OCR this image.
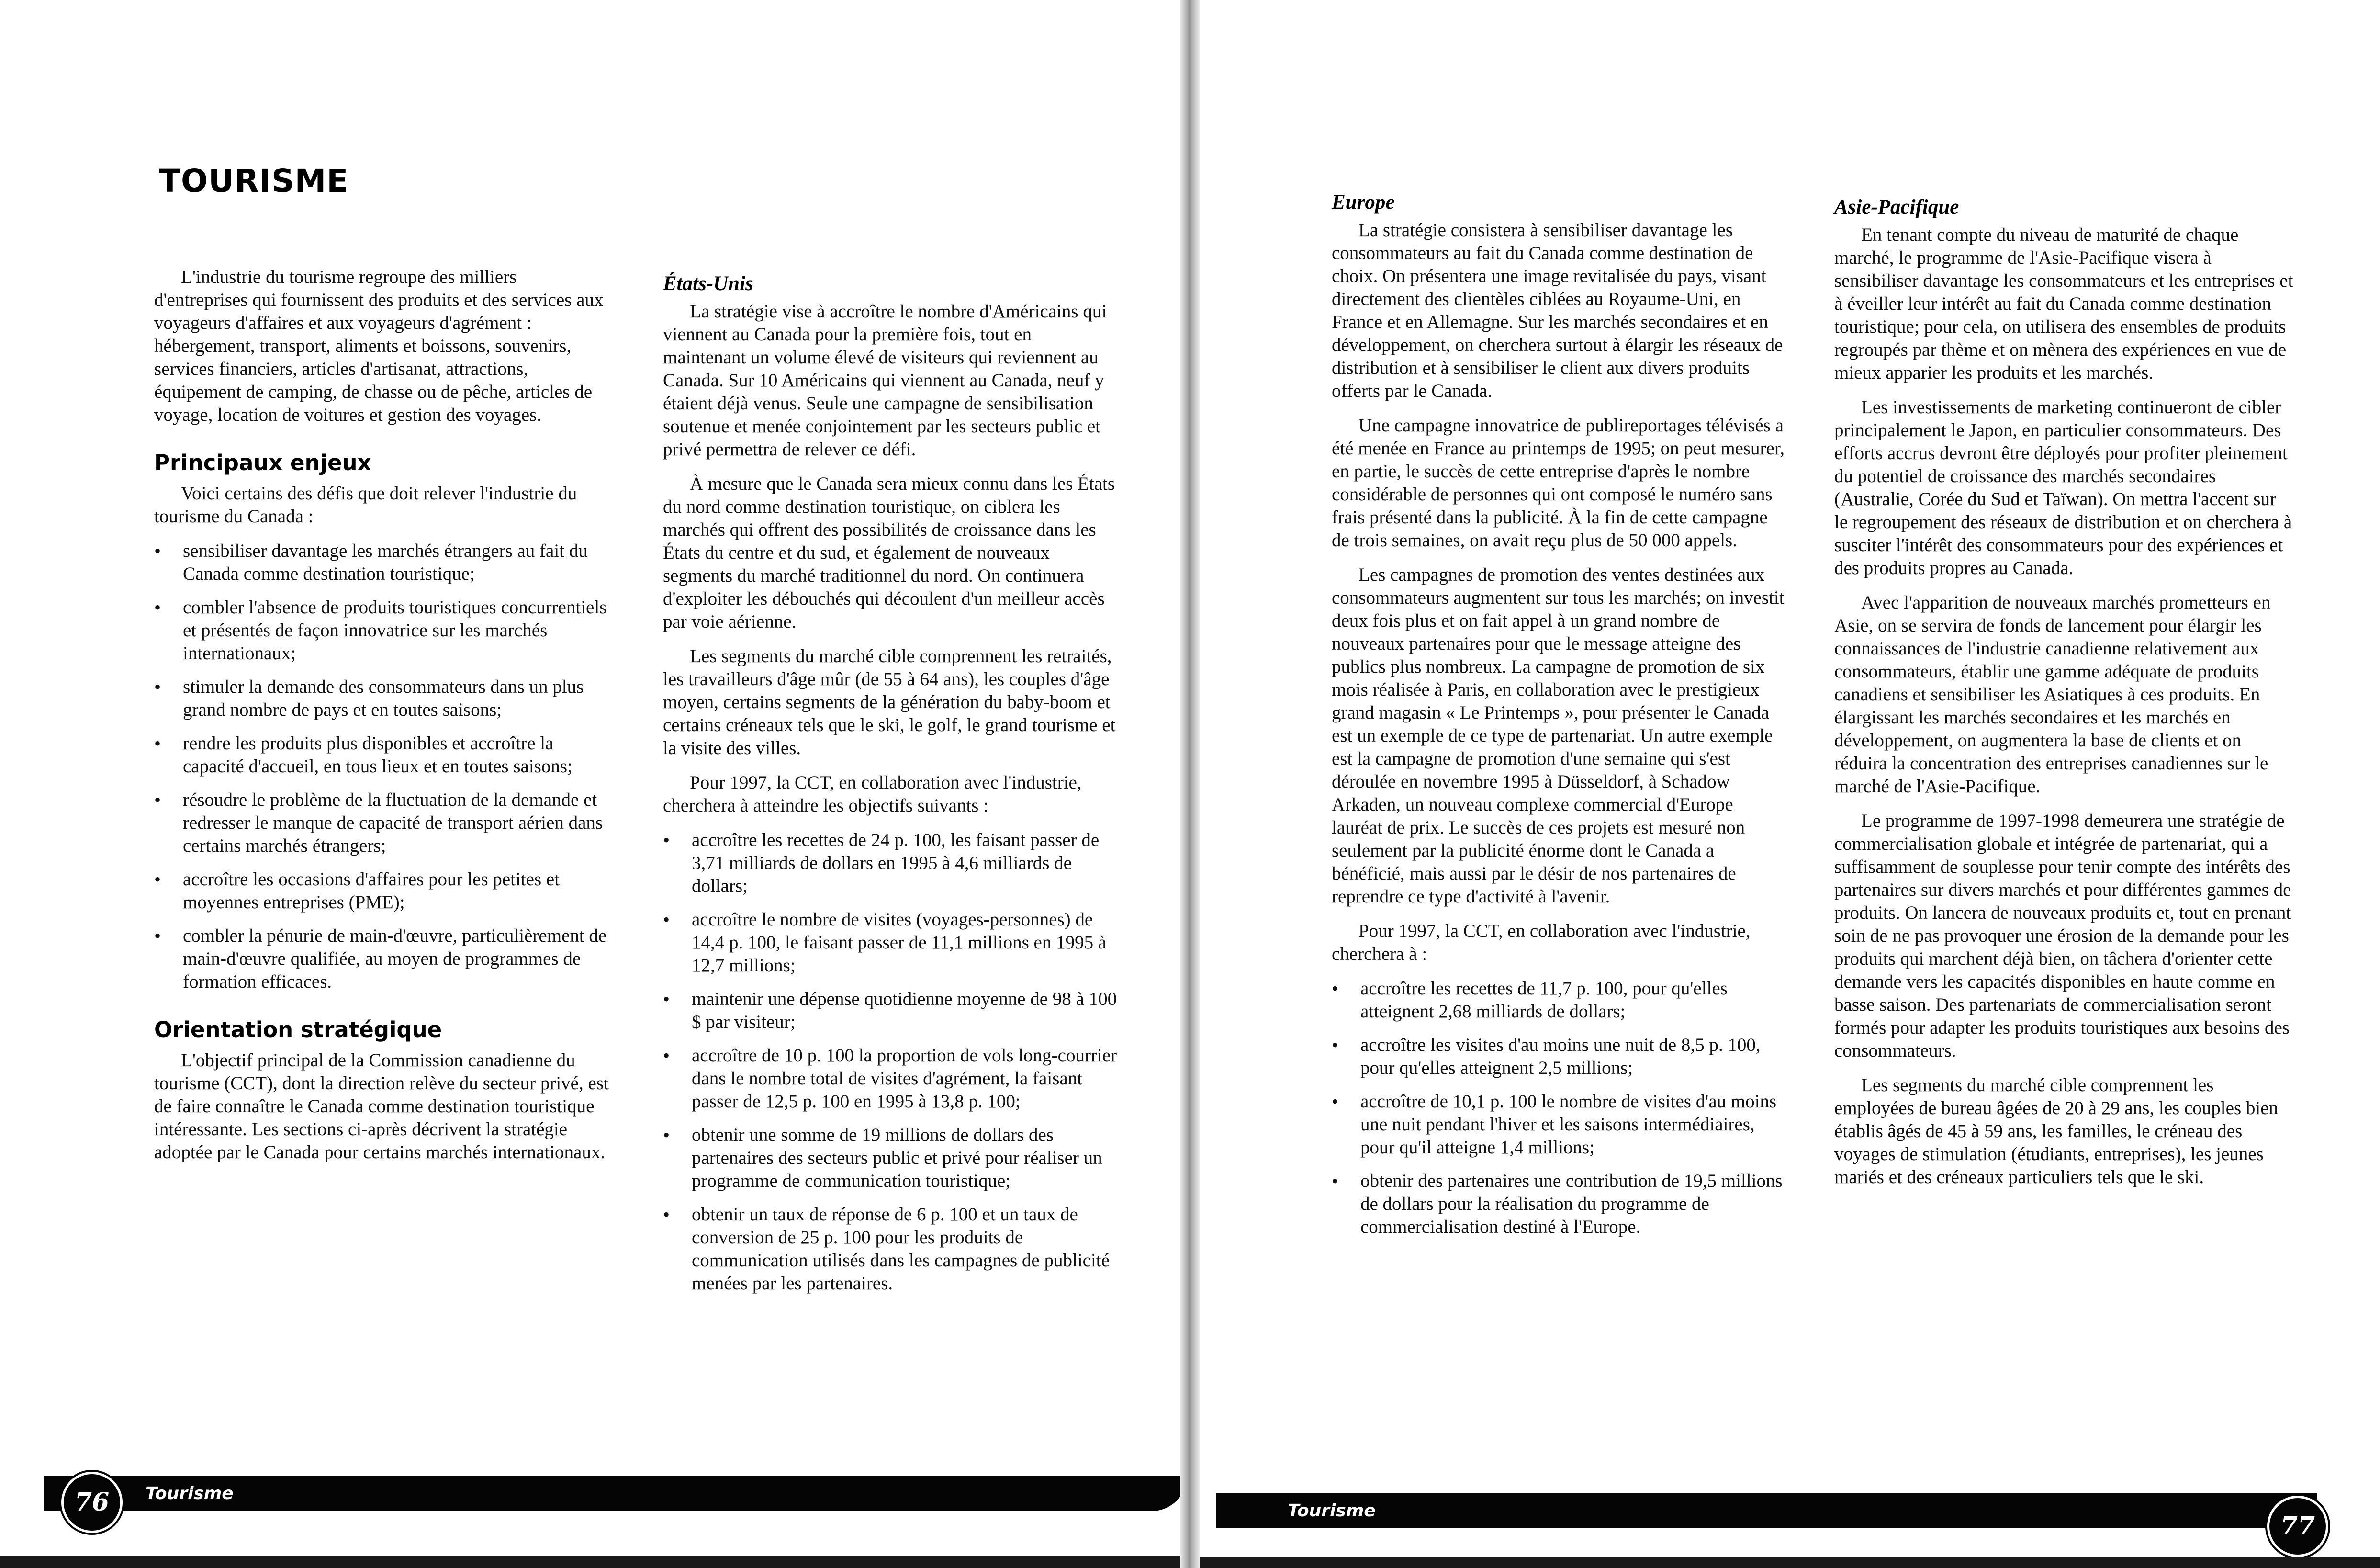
TOURISME

L'industrie du tourisme regroupe des milliers d'entreprises qui fournissent des produits et des services aux voyageurs d'affaires et aux voyageurs d'agrément : hébergement, transport, aliments et boissons, souvenirs, services financiers, articles d'artisanat, attractions, équipement de camping, de chasse ou de pêche, articles de voyage, location de voitures et gestion des voyages.

Principaux enjeux

Voici certains des défis que doit relever l'industrie du tourisme du Canada :

• sensibiliser davantage les marchés étrangers au fait du Canada comme destination touristique;
• combler l'absence de produits touristiques concurrentiels et présentés de façon innovatrice sur les marchés internationaux;
• stimuler la demande des consommateurs dans un plus grand nombre de pays et en toutes saisons;
• rendre les produits plus disponibles et accroître la capacité d'accueil, en tous lieux et en toutes saisons;
• résoudre le problème de la fluctuation de la demande et redresser le manque de capacité de transport aérien dans certains marchés étrangers;
• accroître les occasions d'affaires pour les petites et moyennes entreprises (PME);
• combler la pénurie de main-d'œuvre, particulièrement de main-d'œuvre qualifiée, au moyen de programmes de formation efficaces.
Orientation stratégique

L'objectif principal de la Commission canadienne du tourisme (CCT), dont la direction relève du secteur privé, est de faire connaître le Canada comme destination touristique intéressante. Les sections ci-après décrivent la stratégie adoptée par le Canada pour certains marchés internationaux.

États-Unis

La stratégie vise à accroître le nombre d'Américains qui viennent au Canada pour la première fois, tout en maintenant un volume élevé de visiteurs qui reviennent au Canada. Sur 10 Américains qui viennent au Canada, neuf y étaient déjà venus. Seule une campagne de sensibilisation soutenue et menée conjointement par les secteurs public et privé permettra de relever ce défi.

À mesure que le Canada sera mieux connu dans les États du nord comme destination touristique, on ciblera les marchés qui offrent des possibilités de croissance dans les États du centre et du sud, et également de nouveaux segments du marché traditionnel du nord. On continuera d'exploiter les débouchés qui découlent d'un meilleur accès par voie aérienne.

Les segments du marché cible comprennent les retraités, les travailleurs d'âge mûr (de 55 à 64 ans), les couples d'âge moyen, certains segments de la génération du baby-boom et certains créneaux tels que le ski, le golf, le grand tourisme et la visite des villes.

Pour 1997, la CCT, en collaboration avec l'industrie, cherchera à atteindre les objectifs suivants :

• accroître les recettes de 24 p. 100, les faisant passer de 3,71 milliards de dollars en 1995 à 4,6 milliards de dollars;
• accroître le nombre de visites (voyages-personnes) de 14,4 p. 100, le faisant passer de 11,1 millions en 1995 à 12,7 millions;
• maintenir une dépense quotidienne moyenne de 98 à 100 $ par visiteur;
• accroître de 10 p. 100 la proportion de vols long-courrier dans le nombre total de visites d'agrément, la faisant passer de 12,5 p. 100 en 1995 à 13,8 p. 100;
• obtenir une somme de 19 millions de dollars des partenaires des secteurs public et privé pour réaliser un programme de communication touristique;
• obtenir un taux de réponse de 6 p. 100 et un taux de conversion de 25 p. 100 pour les produits de communication utilisés dans les campagnes de publicité menées par les partenaires.
Tourisme
76
Europe

La stratégie consistera à sensibiliser davantage les consommateurs au fait du Canada comme destination de choix. On présentera une image revitalisée du pays, visant directement des clientèles ciblées au Royaume-Uni, en France et en Allemagne. Sur les marchés secondaires et en développement, on cherchera surtout à élargir les réseaux de distribution et à sensibiliser le client aux divers produits offerts par le Canada.

Une campagne innovatrice de publireportages télévisés a été menée en France au printemps de 1995; on peut mesurer, en partie, le succès de cette entreprise d'après le nombre considérable de personnes qui ont composé le numéro sans frais présenté dans la publicité. À la fin de cette campagne de trois semaines, on avait reçu plus de 50 000 appels.

Les campagnes de promotion des ventes destinées aux consommateurs augmentent sur tous les marchés; on investit deux fois plus et on fait appel à un grand nombre de nouveaux partenaires pour que le message atteigne des publics plus nombreux. La campagne de promotion de six mois réalisée à Paris, en collaboration avec le prestigieux grand magasin « Le Printemps », pour présenter le Canada est un exemple de ce type de partenariat. Un autre exemple est la campagne de promotion d'une semaine qui s'est déroulée en novembre 1995 à Düsseldorf, à Schadow Arkaden, un nouveau complexe commercial d'Europe lauréat de prix. Le succès de ces projets est mesuré non seulement par la publicité énorme dont le Canada a bénéficié, mais aussi par le désir de nos partenaires de reprendre ce type d'activité à l'avenir.

Pour 1997, la CCT, en collaboration avec l'industrie, cherchera à :

• accroître les recettes de 11,7 p. 100, pour qu'elles atteignent 2,68 milliards de dollars;
• accroître les visites d'au moins une nuit de 8,5 p. 100, pour qu'elles atteignent 2,5 millions;
• accroître de 10,1 p. 100 le nombre de visites d'au moins une nuit pendant l'hiver et les saisons intermédiaires, pour qu'il atteigne 1,4 millions;
• obtenir des partenaires une contribution de 19,5 millions de dollars pour la réalisation du programme de commercialisation destiné à l'Europe.
Asie-Pacifique

En tenant compte du niveau de maturité de chaque marché, le programme de l'Asie-Pacifique visera à sensibiliser davantage les consommateurs et les entreprises et à éveiller leur intérêt au fait du Canada comme destination touristique; pour cela, on utilisera des ensembles de produits regroupés par thème et on mènera des expériences en vue de mieux apparier les produits et les marchés.

Les investissements de marketing continueront de cibler principalement le Japon, en particulier consommateurs. Des efforts accrus devront être déployés pour profiter pleinement du potentiel de croissance des marchés secondaires (Australie, Corée du Sud et Taïwan). On mettra l'accent sur le regroupement des réseaux de distribution et on cherchera à susciter l'intérêt des consommateurs pour des expériences et des produits propres au Canada.

Avec l'apparition de nouveaux marchés prometteurs en Asie, on se servira de fonds de lancement pour élargir les connaissances de l'industrie canadienne relativement aux consommateurs, établir une gamme adéquate de produits canadiens et sensibiliser les Asiatiques à ces produits. En élargissant les marchés secondaires et les marchés en développement, on augmentera la base de clients et on réduira la concentration des entreprises canadiennes sur le marché de l'Asie-Pacifique.

Le programme de 1997-1998 demeurera une stratégie de commercialisation globale et intégrée de partenariat, qui a suffisamment de souplesse pour tenir compte des intérêts des partenaires sur divers marchés et pour différentes gammes de produits. On lancera de nouveaux produits et, tout en prenant soin de ne pas provoquer une érosion de la demande pour les produits qui marchent déjà bien, on tâchera d'orienter cette demande vers les capacités disponibles en haute comme en basse saison. Des partenariats de commercialisation seront formés pour adapter les produits touristiques aux besoins des consommateurs.

Les segments du marché cible comprennent les employées de bureau âgées de 20 à 29 ans, les couples bien établis âgés de 45 à 59 ans, les familles, le créneau des voyages de stimulation (étudiants, entreprises), les jeunes mariés et des créneaux particuliers tels que le ski.

Tourisme
77
